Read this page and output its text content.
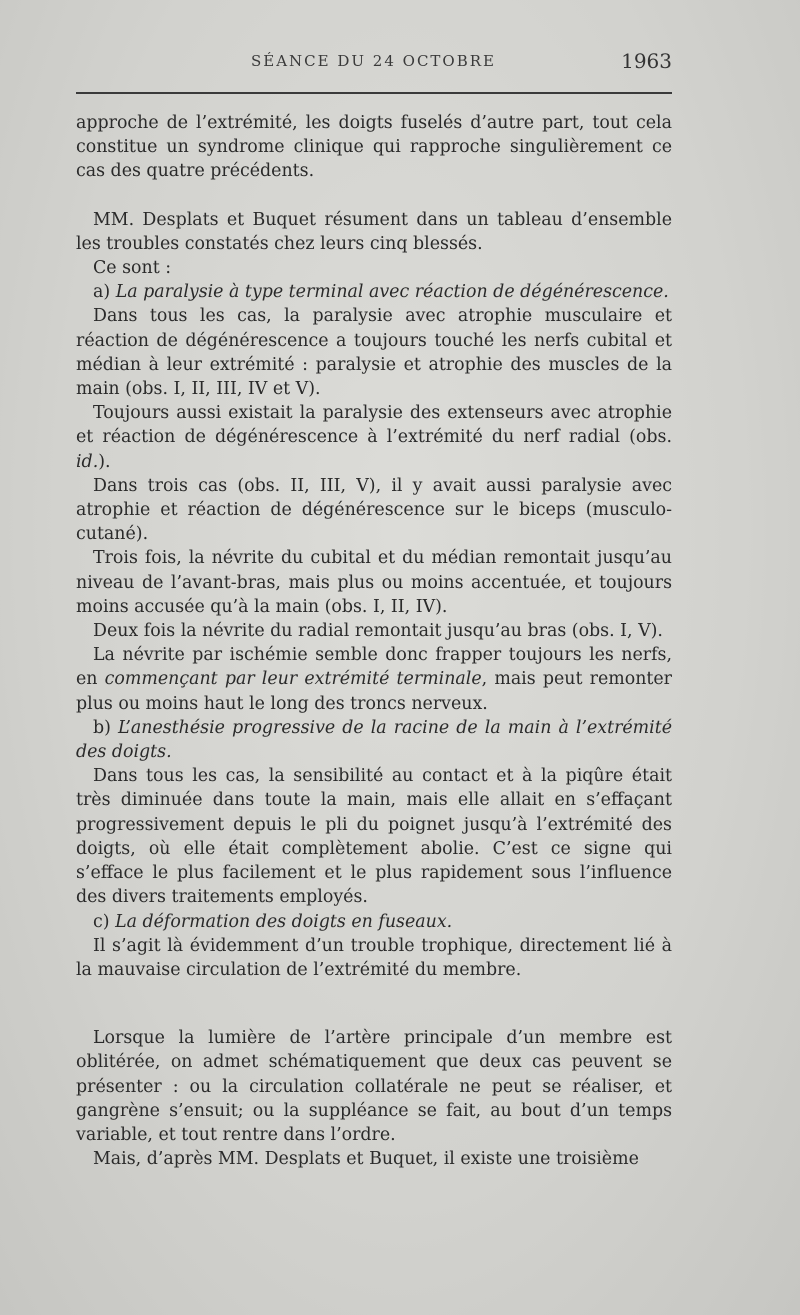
SÉANCE DU 24 OCTOBRE	1963

approche de l’extrémité, les doigts fuselés d’autre part, tout cela constitue un syndrome clinique qui rapproche singulièrement ce cas des quatre précédents.

MM. Desplats et Buquet résument dans un tableau d’ensemble les troubles constatés chez leurs cinq blessés.

Ce sont :

a) La paralysie à type terminal avec réaction de dégénérescence.

Dans tous les cas, la paralysie avec atrophie musculaire et réaction de dégénérescence a toujours touché les nerfs cubital et médian à leur extrémité : paralysie et atrophie des muscles de la main (obs. I, II, III, IV et V).

Toujours aussi existait la paralysie des extenseurs avec atrophie et réaction de dégénérescence à l’extrémité du nerf radial (obs. id.).

Dans trois cas (obs. II, III, V), il y avait aussi paralysie avec atrophie et réaction de dégénérescence sur le biceps (musculo-cutané).

Trois fois, la névrite du cubital et du médian remontait jusqu’au niveau de l’avant-bras, mais plus ou moins accentuée, et toujours moins accusée qu’à la main (obs. I, II, IV).

Deux fois la névrite du radial remontait jusqu’au bras (obs. I, V).

La névrite par ischémie semble donc frapper toujours les nerfs, en commençant par leur extrémité terminale, mais peut remonter plus ou moins haut le long des troncs nerveux.

b) L’anesthésie progressive de la racine de la main à l’extrémité des doigts.

Dans tous les cas, la sensibilité au contact et à la piqûre était très diminuée dans toute la main, mais elle allait en s’effaçant progressivement depuis le pli du poignet jusqu’à l’extrémité des doigts, où elle était complètement abolie. C’est ce signe qui s’efface le plus facilement et le plus rapidement sous l’influence des divers traitements employés.

c) La déformation des doigts en fuseaux.

Il s’agit là évidemment d’un trouble trophique, directement lié à la mauvaise circulation de l’extrémité du membre.

Lorsque la lumière de l’artère principale d’un membre est oblitérée, on admet schématiquement que deux cas peuvent se présenter : ou la circulation collatérale ne peut se réaliser, et gangrène s’ensuit; ou la suppléance se fait, au bout d’un temps variable, et tout rentre dans l’ordre.

Mais, d’après MM. Desplats et Buquet, il existe une troisième
